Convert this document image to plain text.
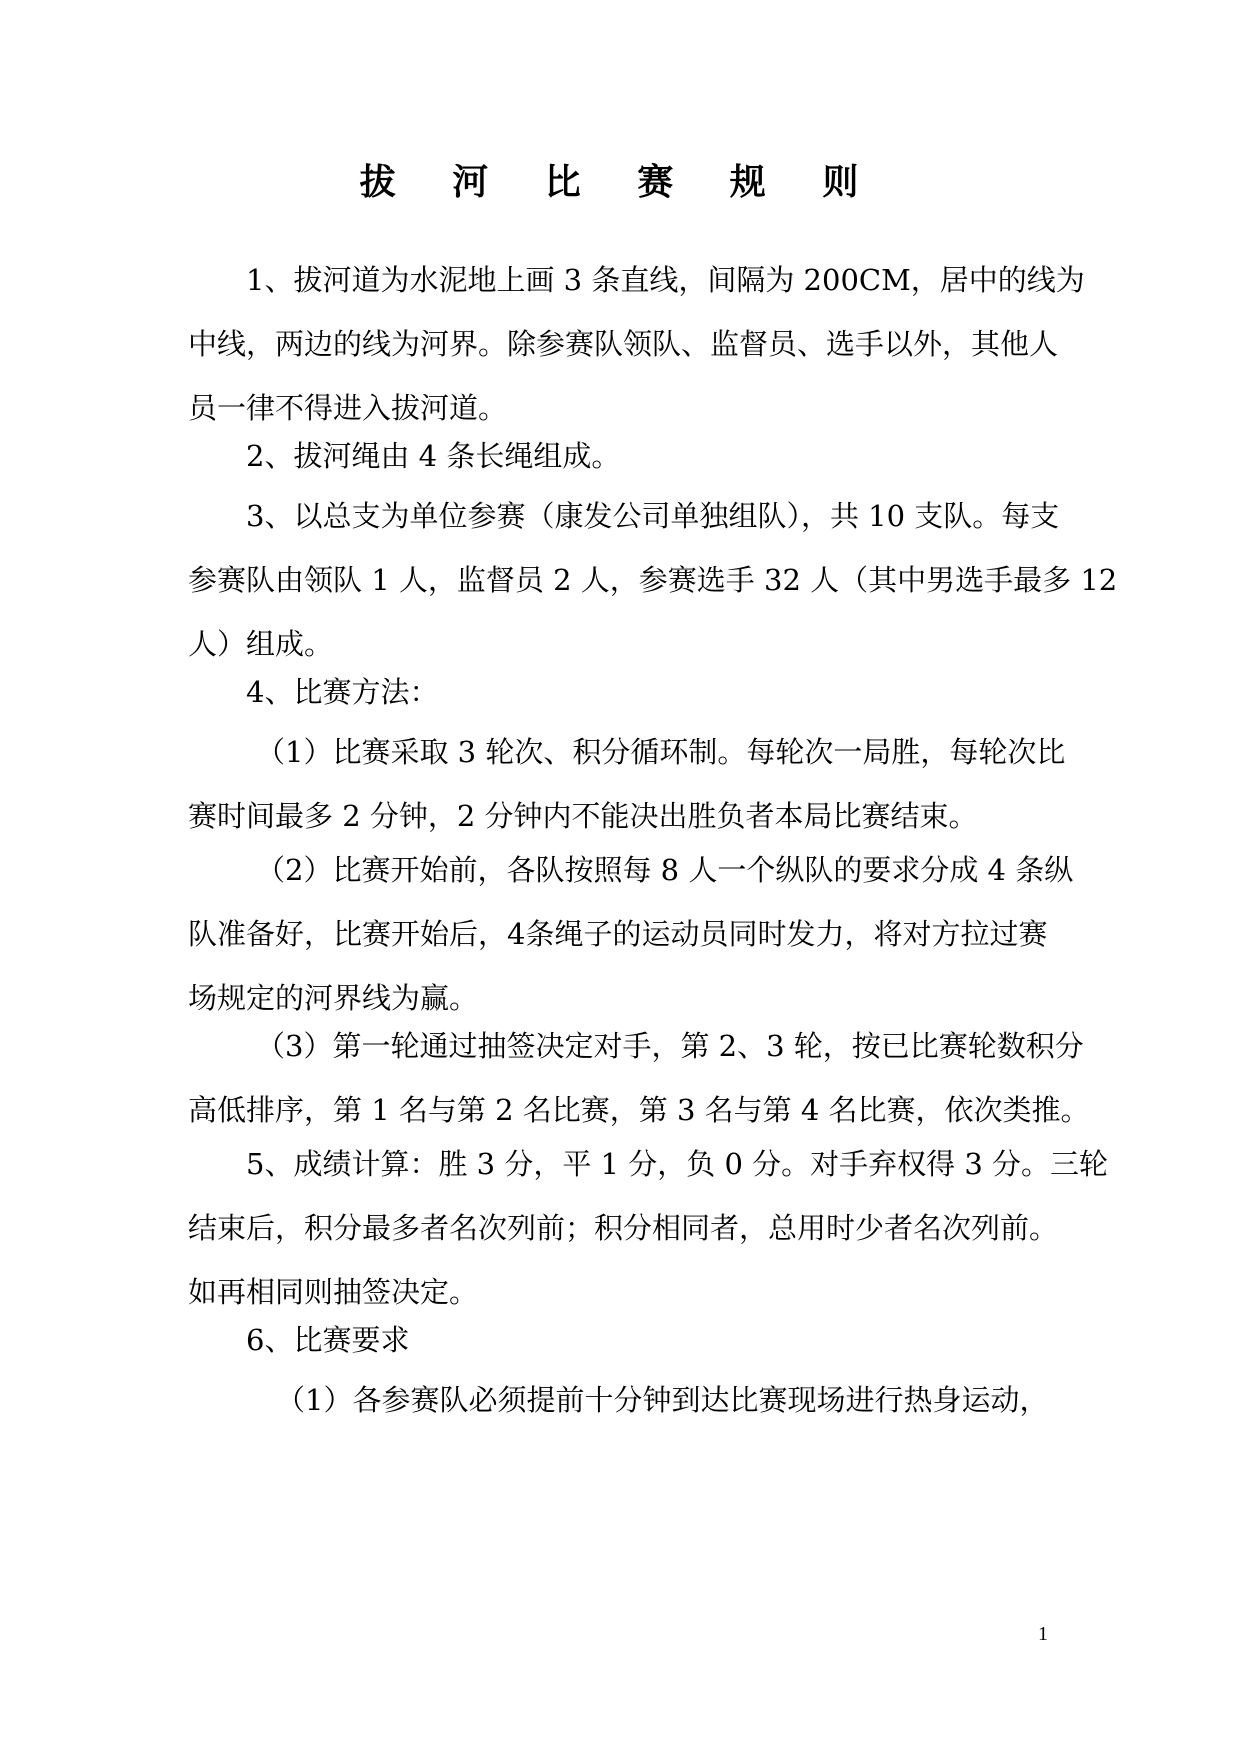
拔 河 比 赛 规 则
1、拔河道为水泥地上画 3 条直线，间隔为 200CM，居中的线为
中线，两边的线为河界。除参赛队领队、监督员、选手以外，其他人
员一律不得进入拔河道。
2、拔河绳由 4 条长绳组成。
3、以总支为单位参赛（康发公司单独组队），共 10 支队。每支
参赛队由领队 1 人，监督员 2 人，参赛选手 32 人（其中男选手最多 12
人）组成。
4、比赛方法：
（1）比赛采取 3 轮次、积分循环制。每轮次一局胜，每轮次比
赛时间最多 2 分钟，2 分钟内不能决出胜负者本局比赛结束。
（2）比赛开始前，各队按照每 8 人一个纵队的要求分成 4 条纵
队准备好，比赛开始后，4条绳子的运动员同时发力，将对方拉过赛
场规定的河界线为赢。
（3）第一轮通过抽签决定对手，第 2、3 轮，按已比赛轮数积分
高低排序，第 1 名与第 2 名比赛，第 3 名与第 4 名比赛，依次类推。
5、成绩计算：胜 3 分，平 1 分，负 0 分。对手弃权得 3 分。三轮
结束后，积分最多者名次列前；积分相同者，总用时少者名次列前。
如再相同则抽签决定。
6、比赛要求
（1）各参赛队必须提前十分钟到达比赛现场进行热身运动，
1
